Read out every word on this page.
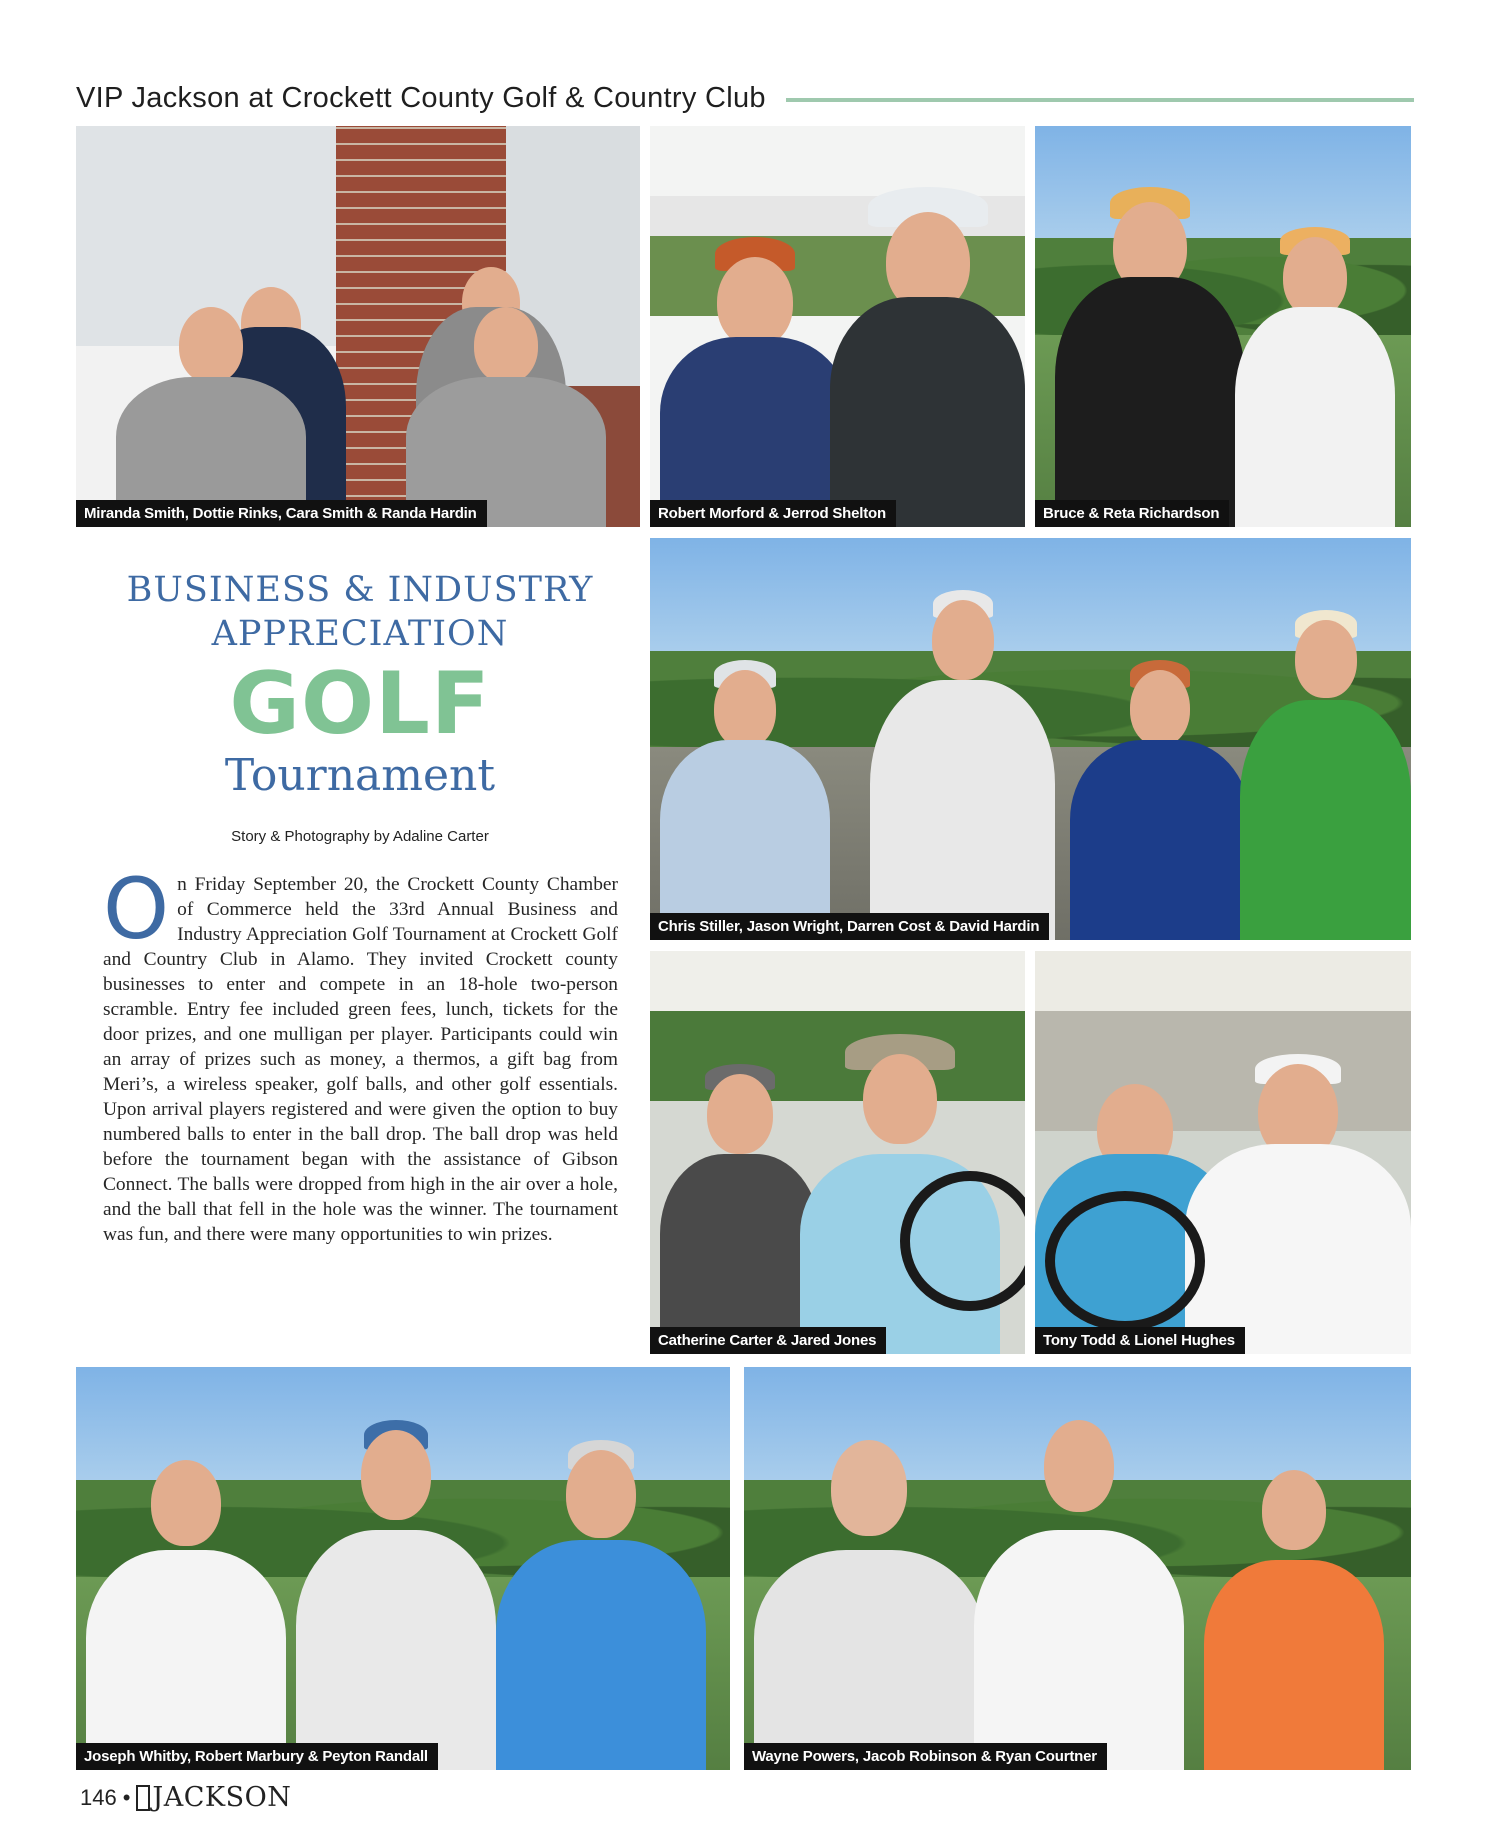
VIP Jackson at Crockett County Golf & Country Club
Miranda Smith, Dottie Rinks, Cara Smith & Randa Hardin	Robert Morford & Jerrod Shelton	Bruce & Reta Richardson
Chris Stiller, Jason Wright, Darren Cost & David Hardin
Catherine Carter & Jared Jones	Tony Todd & Lionel Hughes
Joseph Whitby, Robert Marbury & Peyton Randall	Wayne Powers, Jacob Robinson & Ryan Courtner
BUSINESS & INDUSTRY
APPRECIATION
GOLF
Tournament
Story & Photography by Adaline Carter
On Friday September 20, the Crockett County Chamber of Commerce held the 33rd Annual Business and Industry Appreciation Golf Tournament at Crockett Golf and Country Club in Alamo. They invited Crockett county businesses to enter and compete in an 18-hole two-person scramble. Entry fee included green fees, lunch, tickets for the door prizes, and one mulligan per player. Participants could win an array of prizes such as money, a thermos, a gift bag from Meri’s, a wireless speaker, golf balls, and other golf essentials. Upon arrival players registered and were given the option to buy numbered balls to enter in the ball drop. The ball drop was held before the tournament began with the assistance of Gibson Connect. The balls were dropped from high in the air over a hole, and the ball that fell in the hole was the winner. The tournament was fun, and there were many opportunities to win prizes.
146 • JACKSON
